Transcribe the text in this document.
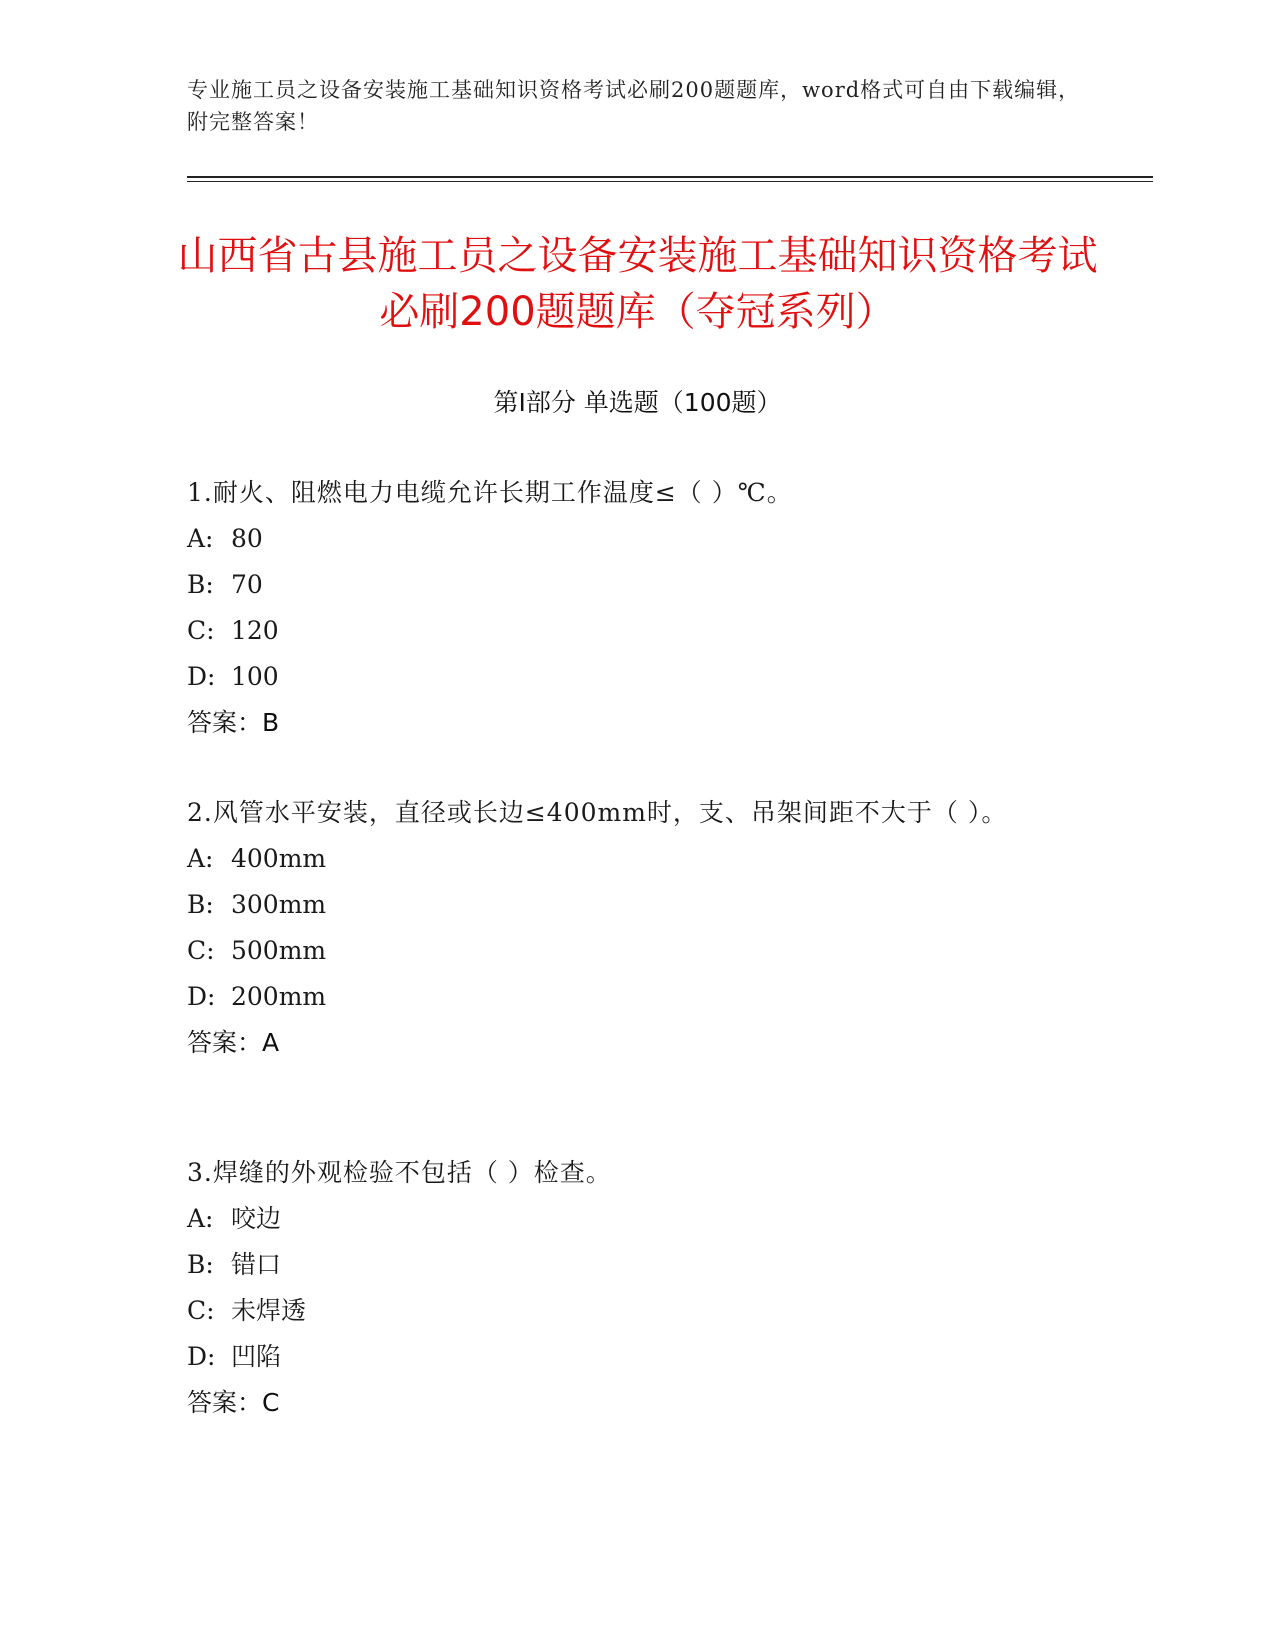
专业施工员之设备安装施工基础知识资格考试必刷200题题库，word格式可自由下载编辑，附完整答案！
山西省古县施工员之设备安装施工基础知识资格考试必刷200题题库（夺冠系列）
第Ⅰ部分 单选题（100题）

1.耐火、阻燃电力电缆允许长期工作温度≤（ ）℃。

A: 80

B: 70

C: 120

D: 100

答案：B

2.风管水平安装，直径或长边≤400mm时，支、吊架间距不大于（ ）。

A: 400mm

B: 300mm

C: 500mm

D: 200mm

答案：A

3.焊缝的外观检验不包括（ ）检查。

A: 咬边

B: 错口

C: 未焊透

D: 凹陷

答案：C
